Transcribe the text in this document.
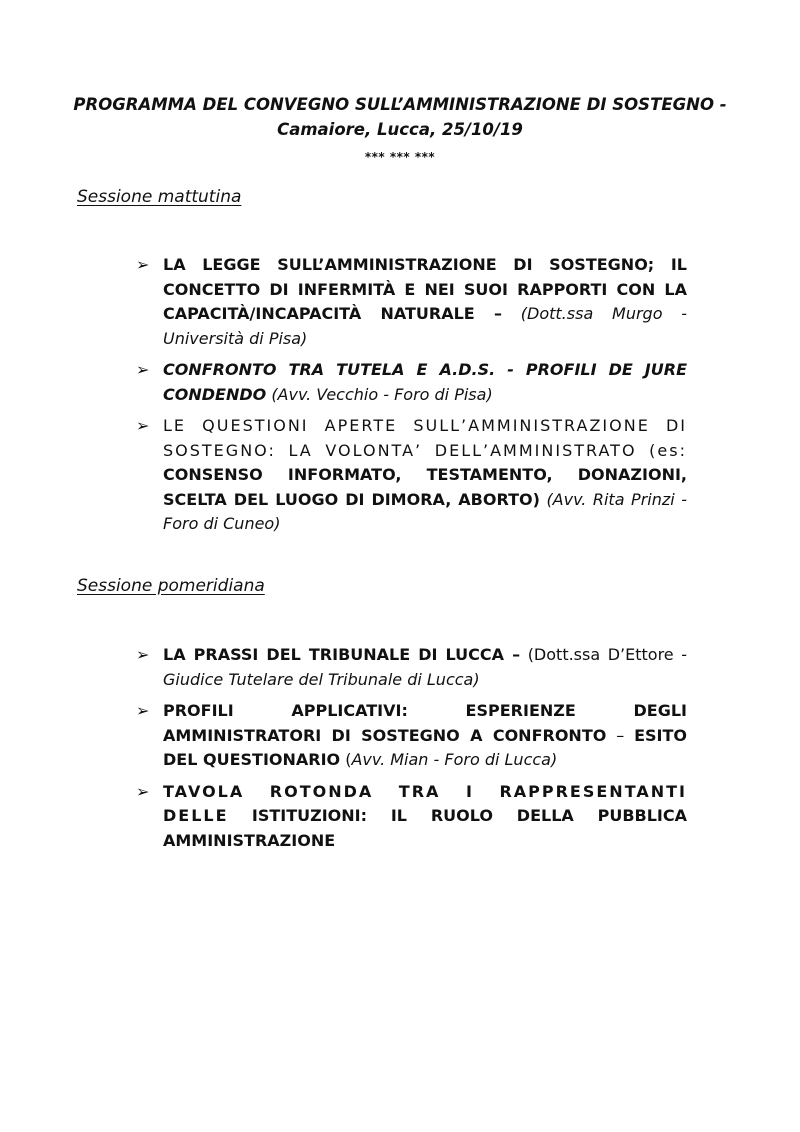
PROGRAMMA DEL CONVEGNO SULL’AMMINISTRAZIONE DI SOSTEGNO -
Camaiore, Lucca, 25/10/19
*** *** ***
Sessione mattutina
➢ LA LEGGE SULL’AMMINISTRAZIONE DI SOSTEGNO; IL CONCETTO DI INFERMITÀ E NEI SUOI RAPPORTI CON LA CAPACITÀ/INCAPACITÀ NATURALE – (Dott.ssa Murgo - Università di Pisa)
➢ CONFRONTO TRA TUTELA E A.D.S. - PROFILI DE JURE CONDENDO (Avv. Vecchio - Foro di Pisa)
➢ LE QUESTIONI APERTE SULL’AMMINISTRAZIONE DI SOSTEGNO: LA VOLONTA’ DELL’AMMINISTRATO (es: CONSENSO INFORMATO, TESTAMENTO, DONAZIONI, SCELTA DEL LUOGO DI DIMORA, ABORTO) (Avv. Rita Prinzi - Foro di Cuneo)
Sessione pomeridiana
➢ LA PRASSI DEL TRIBUNALE DI LUCCA – (Dott.ssa D’Ettore - Giudice Tutelare del Tribunale di Lucca)
➢ PROFILI APPLICATIVI: ESPERIENZE DEGLI AMMINISTRATORI DI SOSTEGNO A CONFRONTO – ESITO DEL QUESTIONARIO (Avv. Mian - Foro di Lucca)
➢ TAVOLA ROTONDA TRA I RAPPRESENTANTI DELLE ISTITUZIONI: IL RUOLO DELLA PUBBLICA AMMINISTRAZIONE
